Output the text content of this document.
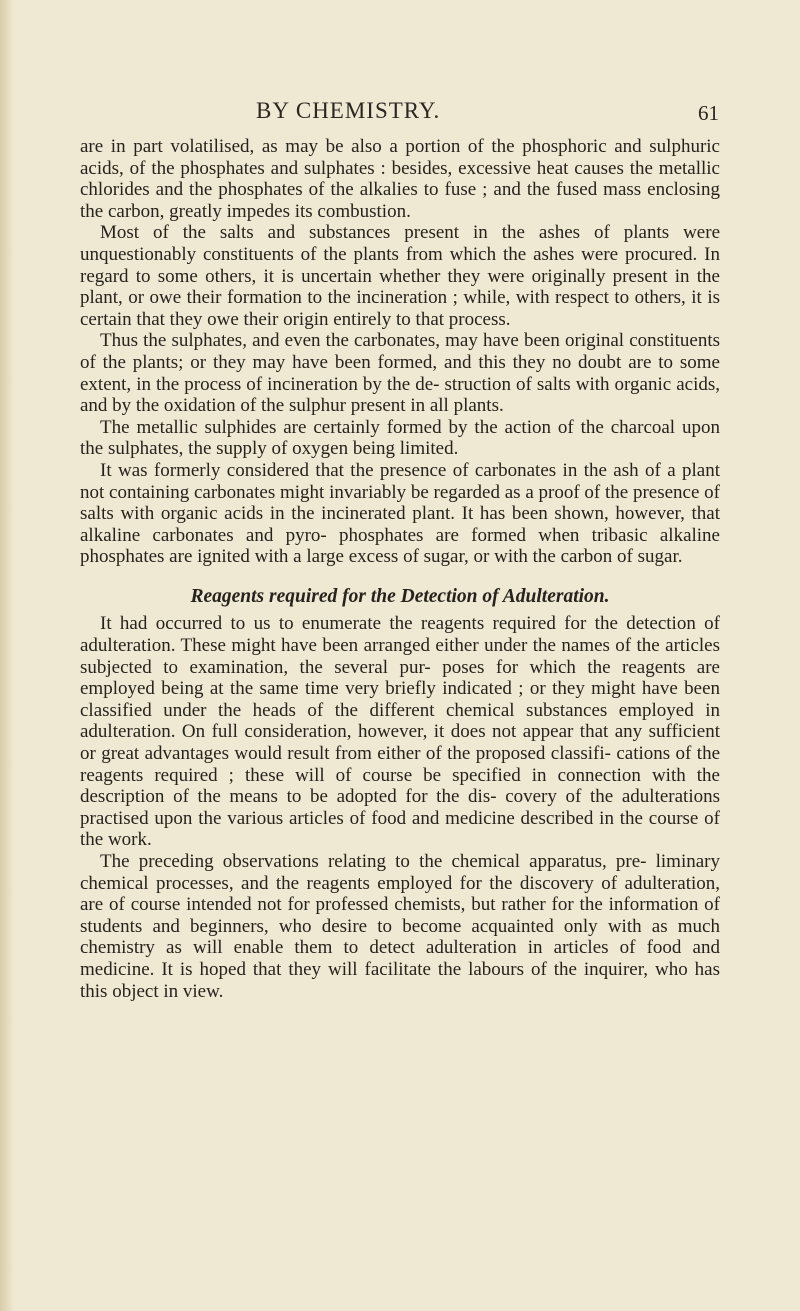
BY CHEMISTRY.	61

are in part volatilised, as may be also a portion of the phosphoric and sulphuric acids, of the phosphates and sulphates : besides, excessive heat causes the metallic chlorides and the phosphates of the alkalies to fuse ; and the fused mass enclosing the carbon, greatly impedes its combustion.

Most of the salts and substances present in the ashes of plants were unquestionably constituents of the plants from which the ashes were procured. In regard to some others, it is uncertain whether they were originally present in the plant, or owe their formation to the incineration ; while, with respect to others, it is certain that they owe their origin entirely to that process.

Thus the sulphates, and even the carbonates, may have been original constituents of the plants; or they may have been formed, and this they no doubt are to some extent, in the process of incineration by the de- struction of salts with organic acids, and by the oxidation of the sulphur present in all plants.

The metallic sulphides are certainly formed by the action of the charcoal upon the sulphates, the supply of oxygen being limited.

It was formerly considered that the presence of carbonates in the ash of a plant not containing carbonates might invariably be regarded as a proof of the presence of salts with organic acids in the incinerated plant. It has been shown, however, that alkaline carbonates and pyro- phosphates are formed when tribasic alkaline phosphates are ignited with a large excess of sugar, or with the carbon of sugar.

Reagents required for the Detection of Adulteration.

It had occurred to us to enumerate the reagents required for the detection of adulteration. These might have been arranged either under the names of the articles subjected to examination, the several pur- poses for which the reagents are employed being at the same time very briefly indicated ; or they might have been classified under the heads of the different chemical substances employed in adulteration. On full consideration, however, it does not appear that any sufficient or great advantages would result from either of the proposed classifi- cations of the reagents required ; these will of course be specified in connection with the description of the means to be adopted for the dis- covery of the adulterations practised upon the various articles of food and medicine described in the course of the work.

The preceding observations relating to the chemical apparatus, pre- liminary chemical processes, and the reagents employed for the discovery of adulteration, are of course intended not for professed chemists, but rather for the information of students and beginners, who desire to become acquainted only with as much chemistry as will enable them to detect adulteration in articles of food and medicine. It is hoped that they will facilitate the labours of the inquirer, who has this object in view.
